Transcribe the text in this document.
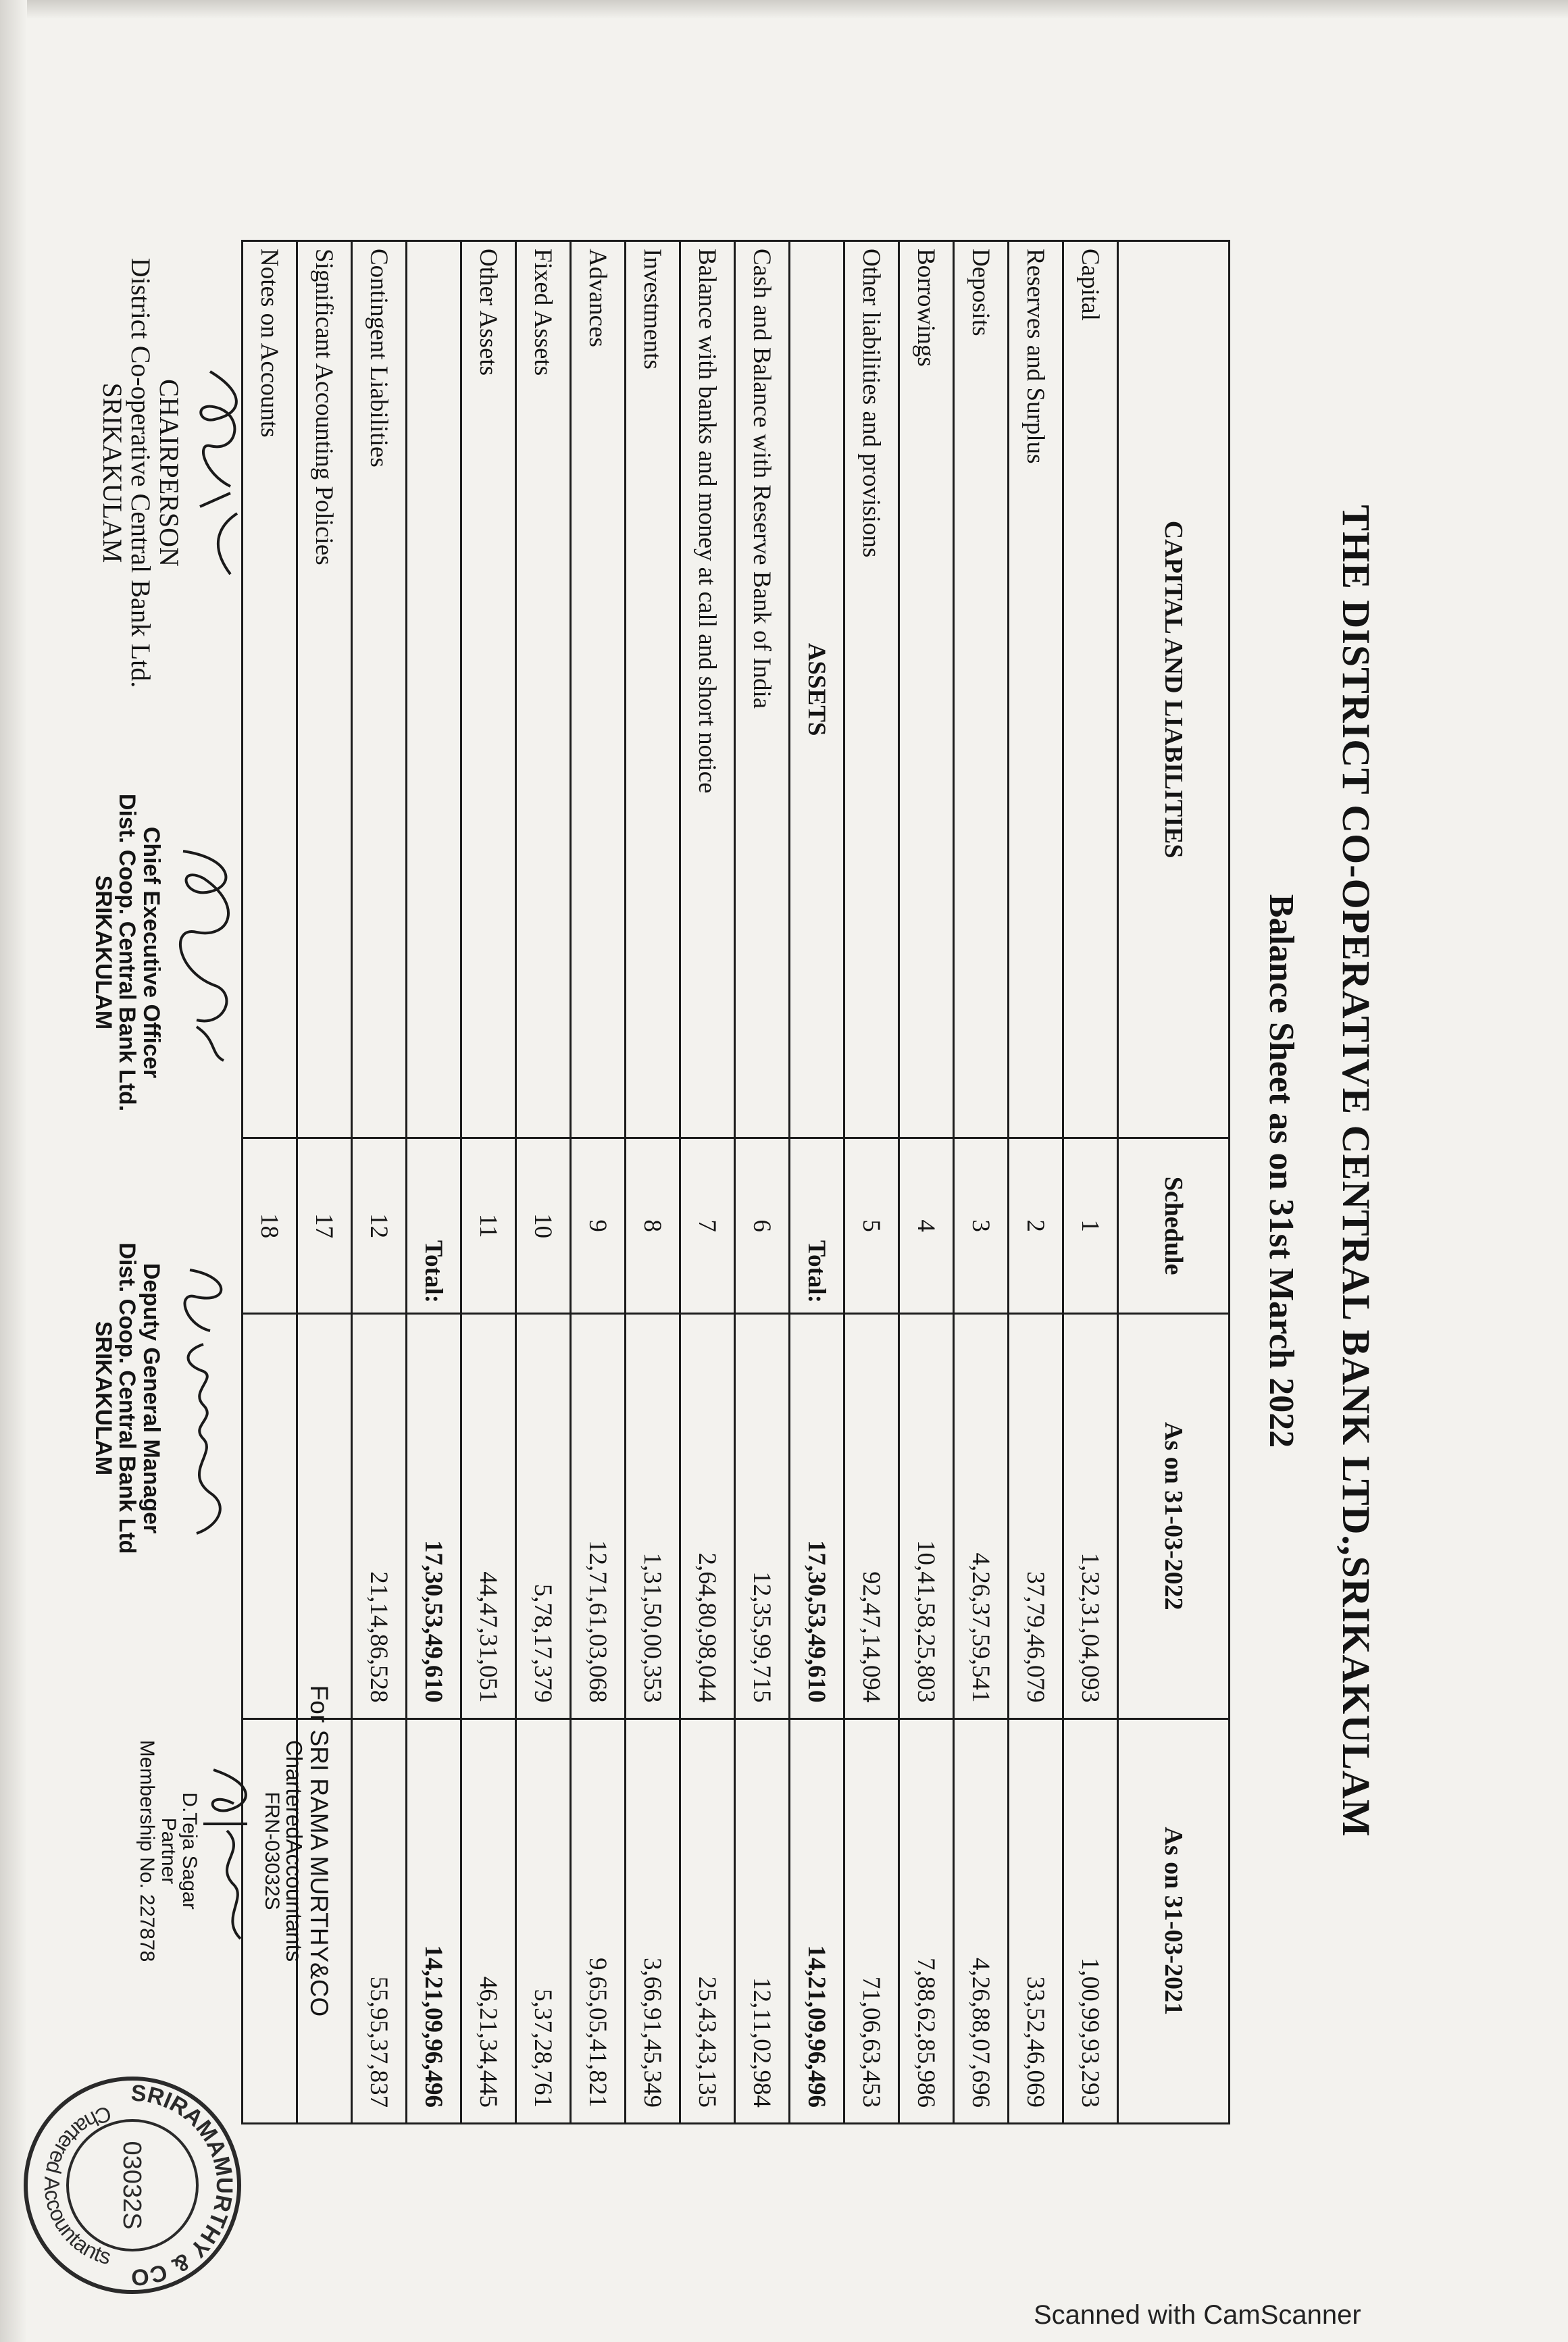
THE DISTRICT CO-OPERATIVE CENTRAL BANK LTD.,SRIKAKULAM
Balance Sheet as on 31st March 2022
CAPITAL AND LIABILITIES	Schedule	As on 31-03-2022	As on 31-03-2021
Capital	1	1,32,31,04,093	1,00,99,93,293
Reserves and Surplus	2	37,79,46,079	33,52,46,069
Deposits	3	4,26,37,59,541	4,26,88,07,696
Borrowings	4	10,41,58,25,803	7,88,62,85,986
Other liabilities and provisions	5	92,47,14,094	71,06,63,453
ASSETS	Total:	17,30,53,49,610	14,21,09,96,496
Cash and Balance with Reserve Bank of India	6	12,35,99,715	12,11,02,984
Balance with banks and money at call and short notice	7	2,64,80,98,044	25,43,43,135
Investments	8	1,31,50,00,353	3,66,91,45,349
Advances	9	12,71,61,03,068	9,65,05,41,821
Fixed Assets	10	5,78,17,379	5,37,28,761
Other Assets	11	44,47,31,051	46,21,34,445
	Total:	17,30,53,49,610	14,21,09,96,496
Contingent Liabilities	12	21,14,86,528	55,95,37,837
Significant Accounting Policies	17		
Notes on Accounts	18		
CHAIRPERSON
District Co-operative Central Bank Ltd.
SRIKAKULAM
Chief Executive Officer
Dist. Coop. Central Bank Ltd.
SRIKAKULAM
Deputy General Manager
Dist. Coop. Central Bank Ltd
SRIKAKULAM
For SRI RAMA MURTHY&CO
CharteredAccountants
FRN-03032S
D.Teja Sagar
Partner
Membership No. 227878
SRIRAMAMURTHY & CO
Chartered Accountants
03032S
Scanned with CamScanner
